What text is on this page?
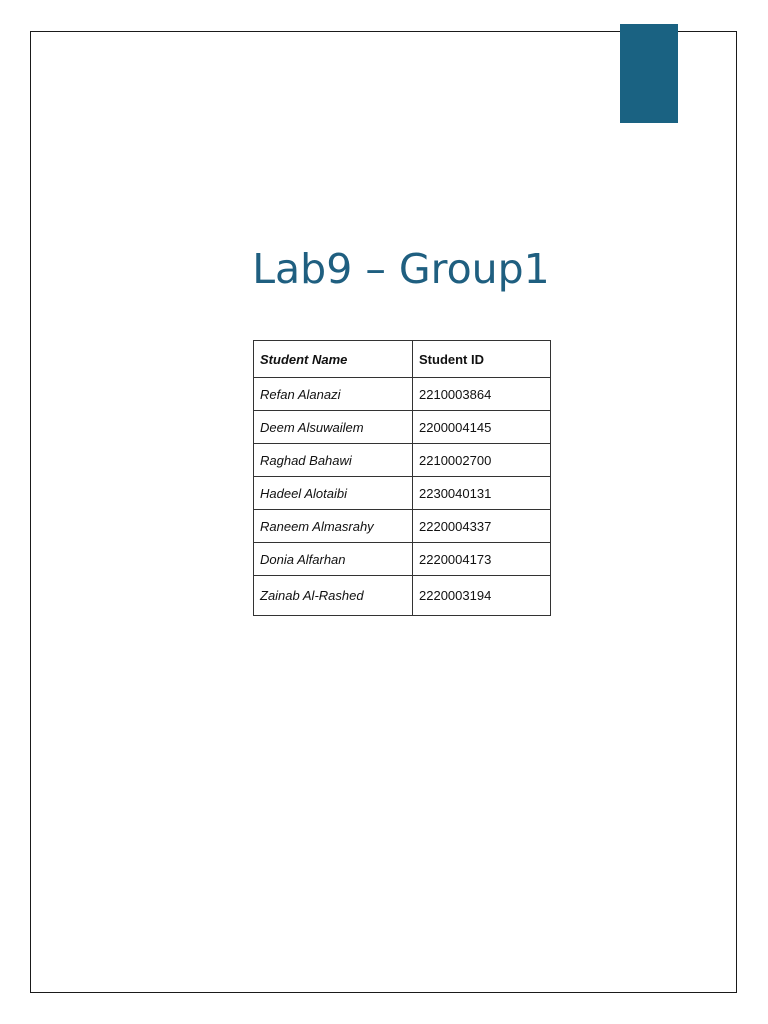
Lab9 – Group1
Student Name	Student ID
Refan Alanazi	2210003864
Deem Alsuwailem	2200004145
Raghad Bahawi	2210002700
Hadeel Alotaibi	2230040131
Raneem Almasrahy	2220004337
Donia Alfarhan	2220004173
Zainab Al-Rashed	2220003194
